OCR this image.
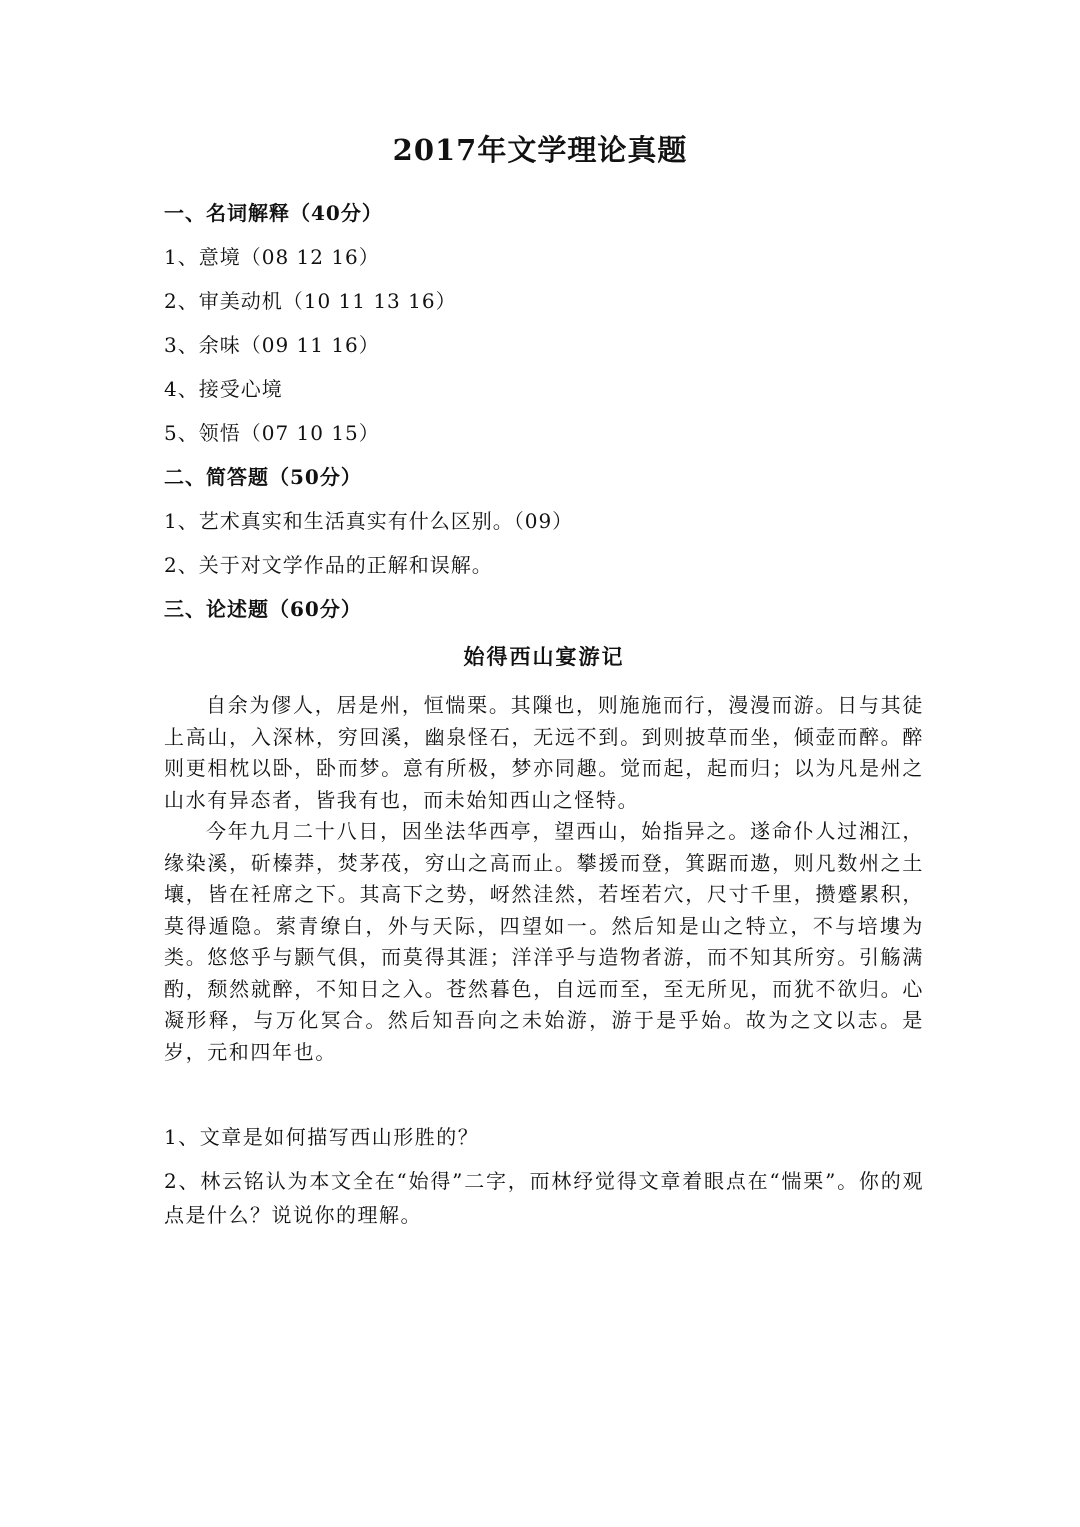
2017年文学理论真题
一、名词解释（40分）
1、意境（08 12 16）
2、审美动机（10 11 13 16）
3、余味（09 11 16）
4、接受心境
5、领悟（07 10 15）
二、简答题（50分）
1、艺术真实和生活真实有什么区别。（09）
2、关于对文学作品的正解和误解。
三、论述题（60分）
始得西山宴游记

自余为僇人，居是州，恒惴栗。其隟也，则施施而行，漫漫而游。日与其徒上高山，入深林，穷回溪，幽泉怪石，无远不到。到则披草而坐，倾壶而醉。醉则更相枕以卧，卧而梦。意有所极，梦亦同趣。觉而起，起而归；以为凡是州之山水有异态者，皆我有也，而未始知西山之怪特。

今年九月二十八日，因坐法华西亭，望西山，始指异之。遂命仆人过湘江，缘染溪，斫榛莽，焚茅茷，穷山之高而止。攀援而登，箕踞而遨，则凡数州之土壤，皆在衽席之下。其高下之势，岈然洼然，若垤若穴，尺寸千里，攒蹙累积，莫得遁隐。萦青缭白，外与天际，四望如一。然后知是山之特立，不与培塿为类。悠悠乎与颢气俱，而莫得其涯；洋洋乎与造物者游，而不知其所穷。引觞满酌，颓然就醉，不知日之入。苍然暮色，自远而至，至无所见，而犹不欲归。心凝形释，与万化冥合。然后知吾向之未始游，游于是乎始。故为之文以志。是岁，元和四年也。

1、文章是如何描写西山形胜的？
2、林云铭认为本文全在“始得”二字，而林纾觉得文章着眼点在“惴栗”。你的观点是什么？说说你的理解。
